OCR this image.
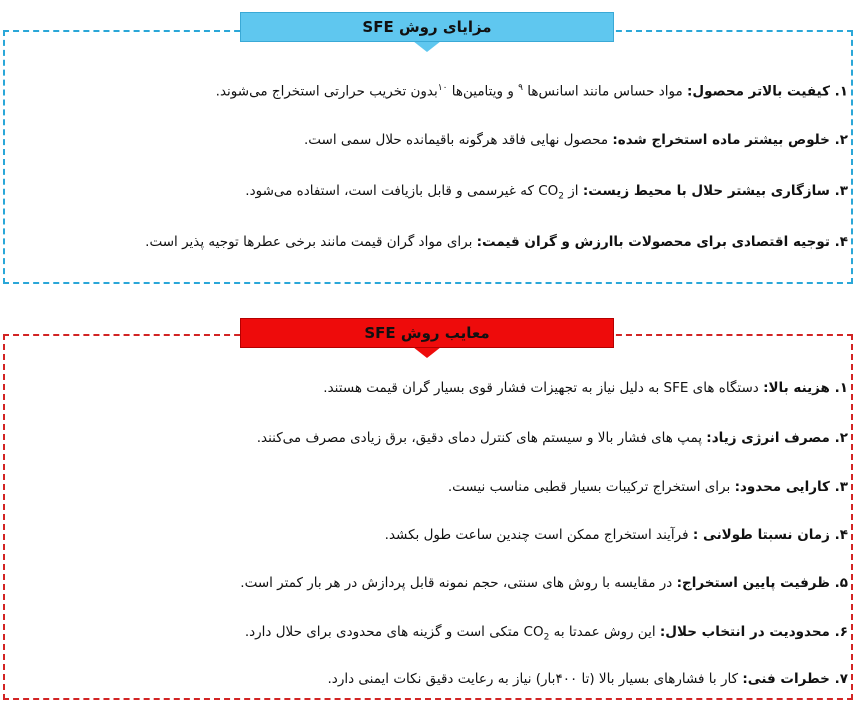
مزایای روش SFE
۱. کیفیت بالاتر محصول: مواد حساس مانند اسانس‌ها $^۹$ و ویتامین‌ها $^{۱۰}$بدون تخریب حرارتی استخراج می‌شوند.
۲. خلوص بیشتر ماده استخراج شده: محصول نهایی فاقد هرگونه باقیمانده حلال سمی است.
۳. سازگاری بیشتر حلال با محیط زیست: از $CO_2$ که غیرسمی و قابل بازیافت است، استفاده می‌شود.
۴. توجیه اقتصادی برای محصولات باارزش و گران قیمت: برای مواد گران قیمت مانند برخی عطرها توجیه پذیر است.
معایب روش SFE
۱. هزینه بالا: دستگاه های SFE به دلیل نیاز به تجهیزات فشار قوی بسیار گران قیمت هستند.
۲. مصرف انرژی زیاد: پمپ های فشار بالا و سیستم های کنترل دمای دقیق، برق زیادی مصرف می‌کنند.
۳. کارایی محدود: برای استخراج ترکیبات بسیار قطبی مناسب نیست.
۴. زمان نسبتا طولانی : فرآیند استخراج ممکن است چندین ساعت طول بکشد.
۵. ظرفیت پایین استخراج: در مقایسه با روش های سنتی، حجم نمونه قابل پردازش در هر بار کمتر است.
۶. محدودیت در انتخاب حلال: این روش عمدتا به $CO_2$ متکی است و گزینه های محدودی برای حلال دارد.
۷. خطرات فنی: کار با فشارهای بسیار بالا (تا ۴۰۰بار) نیاز به رعایت دقیق نکات ایمنی دارد.
